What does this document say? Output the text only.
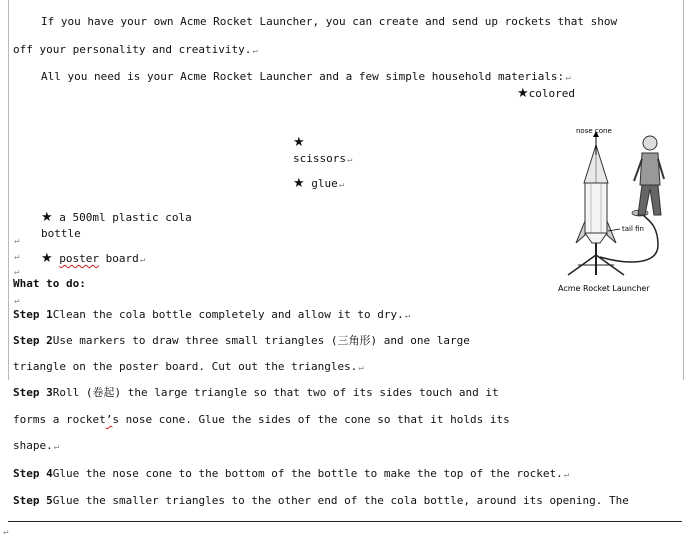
If you have your own Acme Rocket Launcher, you can create and send up rockets that show
off your personality and creativity.↵
All you need is your Acme Rocket Launcher and a few simple household materials:↵
★colored
★
scissors↵
★ glue↵
★ a 500ml plastic cola
bottle
↵
↵ ★ poster board↵
↵
nose cone
tail fin
Acme Rocket Launcher
What to do:
↵
Step 1Clean the cola bottle completely and allow it to dry.↵
Step 2Use markers to draw three small triangles (三角形) and one large
triangle on the poster board. Cut out the triangles.↵
Step 3Roll (卷起) the large triangle so that two of its sides touch and it
forms a rocket’s nose cone. Glue the sides of the cone so that it holds its
shape.↵
Step 4Glue the nose cone to the bottom of the bottle to make the top of the rocket.↵
Step 5Glue the smaller triangles to the other end of the cola bottle, around its opening. The
↵
